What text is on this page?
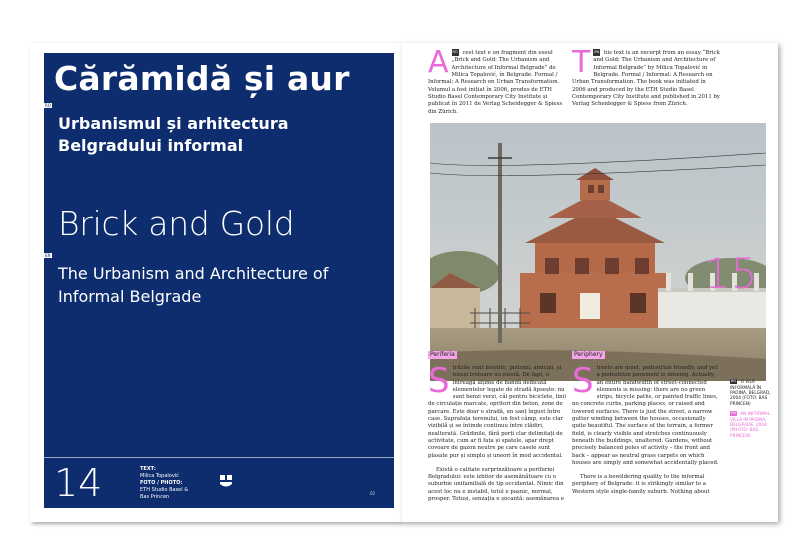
Cărămidă și aur
RO
Urbanismul și arhitectura Belgradului informal
Brick and Gold
EN
The Urbanism and Architecture of Informal Belgrade
14	TEXT:
Milica Topalović
FOTO / PHOTO:
ETH Studio Basel &
Bas Princen
02
RO
A	cest text e un fragment din eseul „Brick and Gold: The Urbanism and Architecture of Informal Belgrade” de Milica Topalović, în Belgrade. Formal / Informal: A Research on Urban Transformation. Volumul a fost inițiat în 2006, produs de ETH Studio Basel Contemporary City Institute și publicat în 2011 de Verlag Scheidegger & Spiess din Zürich.
EN
T	his text is an excerpt from an essay “Brick and Gold: The Urbanism and Architecture of Informal Belgrade” by Milica Topalović in Belgrade. Formal / Informal: A Research on Urban Transformation. The book was initiated in 2006 and produced by the ETH Studio Basel Contemporary City Institute and published in 2011 by Verlag Scheidegger & Spiess from Zürich.
15
Periferia	Periphery
S trăzile sunt liniștite, pietonii, amicali, și totuși trotuare nu există. De fapt, o întreagă lățime de bandă dedicată elementelor legate de stradă lipsește: nu sunt benzi verzi, căi pentru biciclete, linii de circulație marcate, opritori din beton, zone de parcare. Este doar o stradă, un șanț îngust între case. Suprafața terenului, un fost câmp, este clar vizibilă și se întinde continuu între clădiri, nealterată. Grădinile, fără porți clar delimitați de activitate, cum ar fi fața și spatele, apar drept covoare de gazon neutre pe care casele sunt plasate pur și simplu și uneori în mod accidental.
Există o calitate surprinzătoare a periferiei Belgradului: este izbitor de asemănătoare cu o suburbie unifamilială de tip occidental. Nimic din acest loc nu e instabil, totul e pașnic, normal, prosper. Totuși, senzația e șocantă: asemănarea e
S treets are quiet, pedestrian friendly, and yet a pedestrian pavement is missing. Actually, an entire bandwidth of street-connected elements is missing: there are no green strips, bicycle paths, or painted traffic lines, no concrete curbs, parking places, or raised and lowered surfaces. There is just the street, a narrow gutter winding between the houses, occasionally quite beautiful. The surface of the terrain, a former field, is clearly visible and stretches continuously beneath the buildings, unaltered. Gardens, without precisely balanced poles of activity – the front and back – appear as neutral grass carpets on which houses are simply and somewhat accidentally placed.
There is a bewildering quality to the informal periphery of Belgrade: it is strikingly similar to a Western style single-family suburb. Nothing about
RO O VILĂ INFORMALĂ ÎN PADINA, BELGRAD, 2004 (FOTO: BAS PRINCEN)
EN AN INFORMAL VILLA IN PADINA, BELGRADE, 2004 (PHOTO: BAS PRINCEN)
